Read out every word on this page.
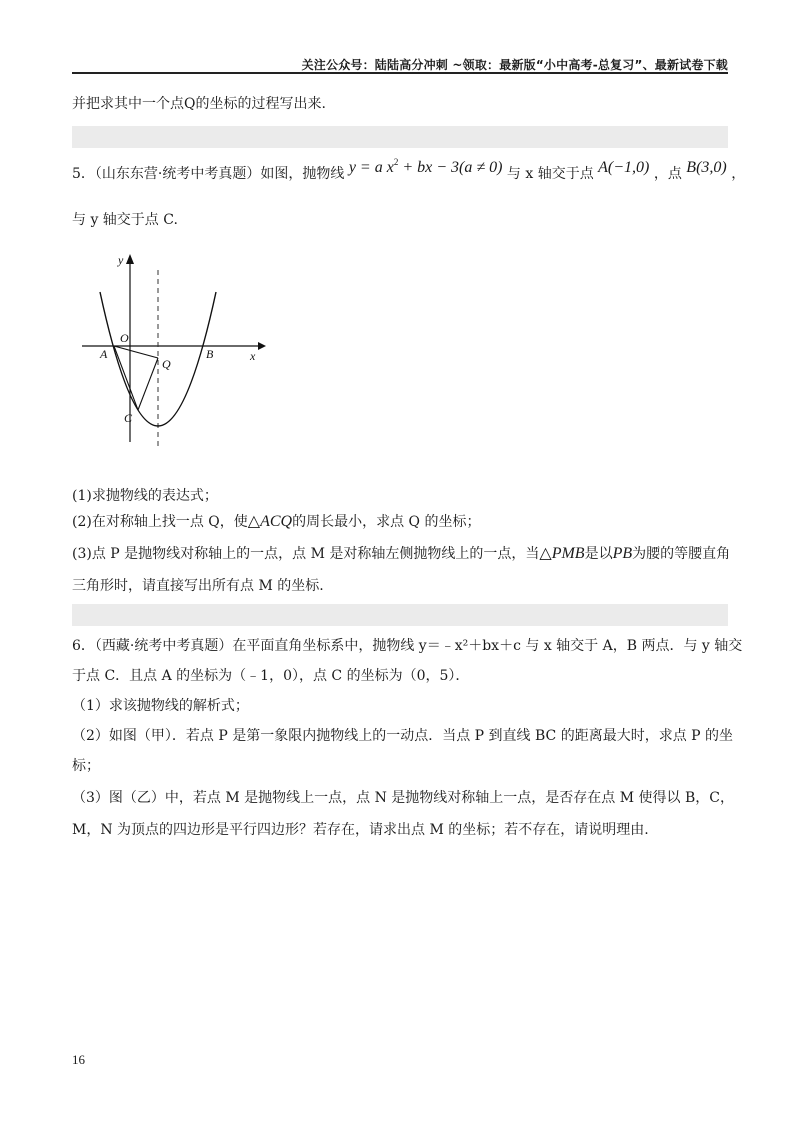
关注公众号：陆陆高分冲刺 ~领取：最新版“小中高考-总复习”、最新试卷下载
并把求其中一个点Q的坐标的过程写出来.
5．（山东东营·统考中考真题）如图，抛物线 y = a $x^2$ + bx − 3(a ≠ 0) 与 x 轴交于点 A(−1,0) ，点 B(3,0) ，
与 y 轴交于点 C.
y
x
O
A	B
Q
C
(1)求抛物线的表达式；
(2)在对称轴上找一点 Q，使△ACQ的周长最小，求点 Q 的坐标；
(3)点 P 是抛物线对称轴上的一点，点 M 是对称轴左侧抛物线上的一点，当△PMB是以PB为腰的等腰直角
三角形时，请直接写出所有点 M 的坐标.
6．（西藏·统考中考真题）在平面直角坐标系中，抛物线 y＝﹣x²＋bx＋c 与 x 轴交于 A，B 两点．与 y 轴交
于点 C．且点 A 的坐标为（﹣1，0），点 C 的坐标为（0，5）．
（1）求该抛物线的解析式；
（2）如图（甲）．若点 P 是第一象限内抛物线上的一动点．当点 P 到直线 BC 的距离最大时，求点 P 的坐
标；
（3）图（乙）中，若点 M 是抛物线上一点，点 N 是抛物线对称轴上一点，是否存在点 M 使得以 B，C，
M，N 为顶点的四边形是平行四边形？若存在，请求出点 M 的坐标；若不存在，请说明理由.
16
